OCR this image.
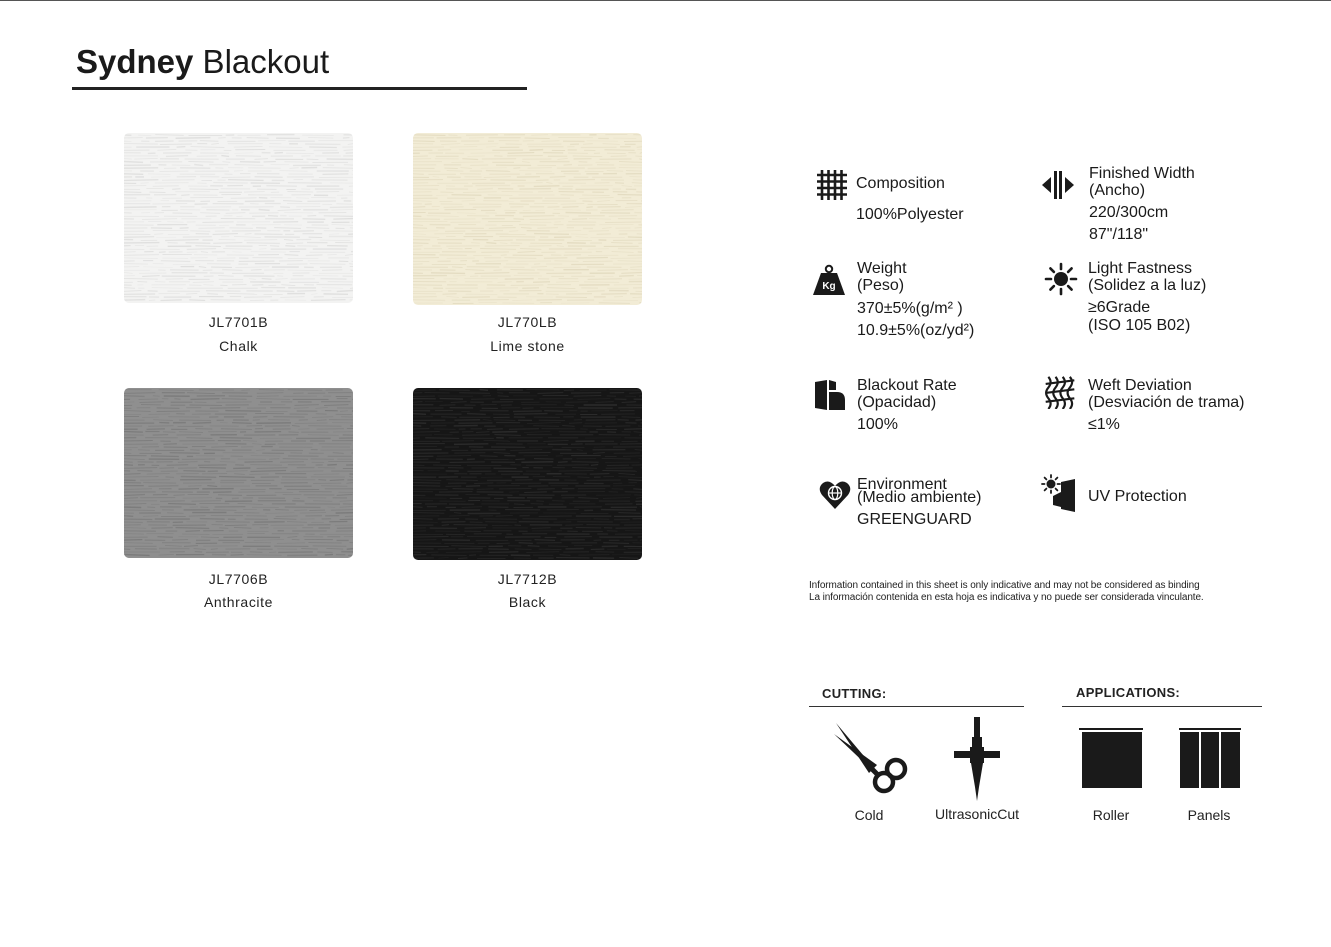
Sydney Blackout
JL7701B
Chalk
JL770LB
Lime stone
JL7706B
Anthracite
JL7712B
Black
Composition
100%Polyester
Finished Width
(Ancho)
220/300cm
87"/118"
Kg
Weight
(Peso)
370±5%(g/m² )
10.9±5%(oz/yd²)
Light Fastness
(Solidez a la luz)
≥6Grade
(ISO 105 B02)
Blackout Rate
(Opacidad)
100%
Weft Deviation
(Desviación de trama)
≤1%
Environment
(Medio ambiente)
GREENGUARD
UV Protection
Information contained in this sheet is only indicative and may not be considered as binding
La información contenida en esta hoja es indicativa y no puede ser considerada vinculante.
CUTTING:
Cold	UltrasonicCut
APPLICATIONS:
Roller	Panels
